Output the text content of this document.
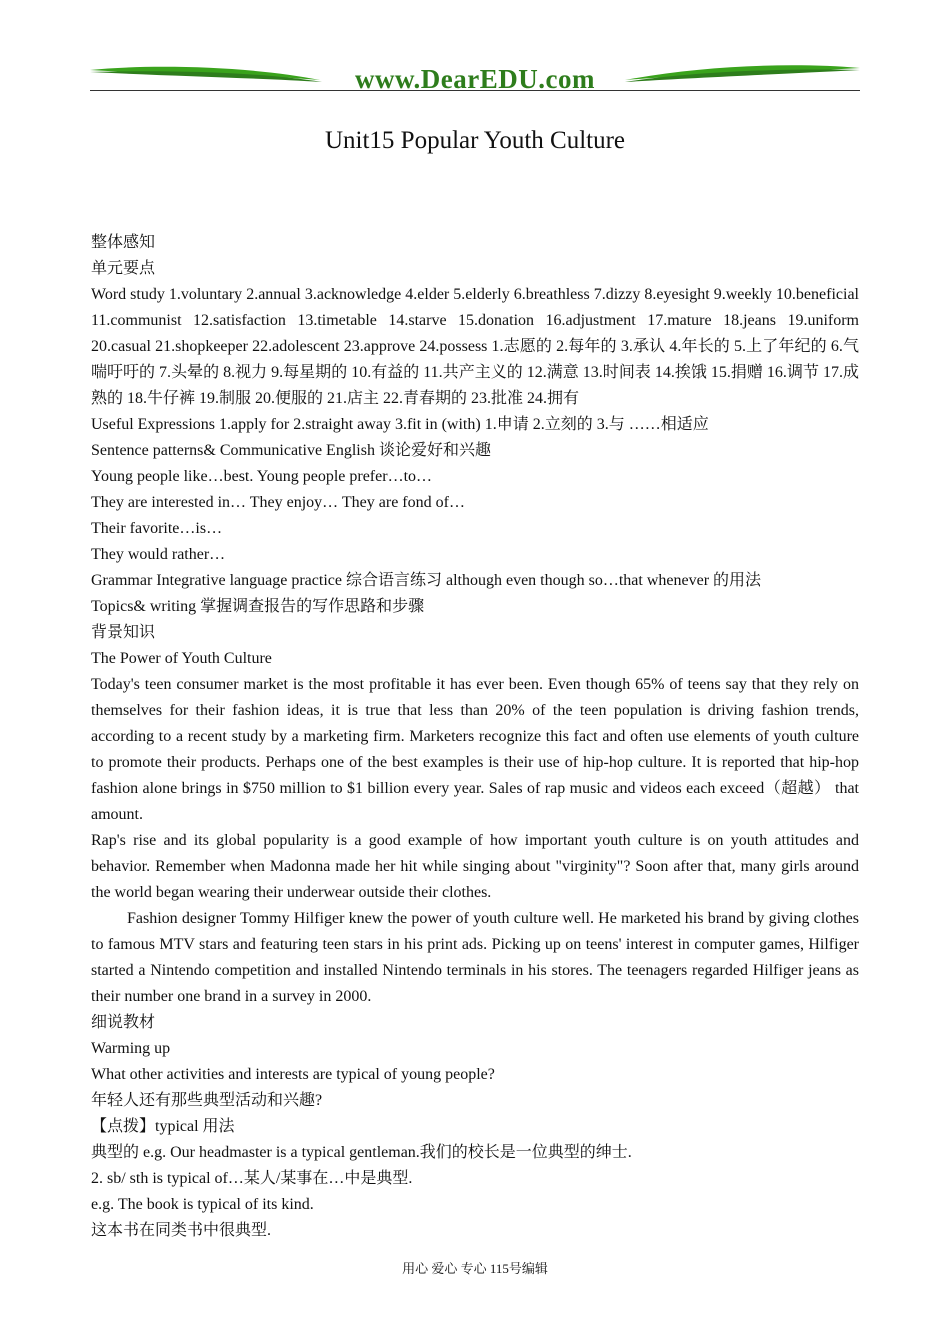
www.DearEDU.com
Unit15 Popular Youth Culture

整体感知

单元要点

Word study 1.voluntary 2.annual 3.acknowledge 4.elder 5.elderly 6.breathless 7.dizzy 8.eyesight 9.weekly 10.beneficial 11.communist 12.satisfaction 13.timetable 14.starve 15.donation 16.adjustment 17.mature 18.jeans 19.uniform 20.casual 21.shopkeeper 22.adolescent 23.approve 24.possess 1.志愿的 2.每年的 3.承认 4.年长的 5.上了年纪的 6.气喘吁吁的 7.头晕的 8.视力 9.每星期的 10.有益的 11.共产主义的 12.满意 13.时间表 14.挨饿 15.捐赠 16.调节 17.成熟的 18.牛仔裤 19.制服 20.便服的 21.店主 22.青春期的 23.批准 24.拥有

Useful Expressions 1.apply for 2.straight away 3.fit in (with) 1.申请 2.立刻的 3.与 ……相适应

Sentence patterns& Communicative English 谈论爱好和兴趣

Young people like…best. Young people prefer…to…

They are interested in… They enjoy… They are fond of…

Their favorite…is…

They would rather…

Grammar Integrative language practice 综合语言练习 although even though so…that whenever 的用法

Topics& writing 掌握调查报告的写作思路和步骤

背景知识

The Power of Youth Culture

Today's teen consumer market is the most profitable it has ever been. Even though 65% of teens say that they rely on themselves for their fashion ideas, it is true that less than 20% of the teen population is driving fashion trends, according to a recent study by a marketing firm. Marketers recognize this fact and often use elements of youth culture to promote their products. Perhaps one of the best examples is their use of hip-hop culture. It is reported that hip-hop fashion alone brings in $750 million to $1 billion every year. Sales of rap music and videos each exceed（超越） that amount.

Rap's rise and its global popularity is a good example of how important youth culture is on youth attitudes and behavior. Remember when Madonna made her hit while singing about "virginity"? Soon after that, many girls around the world began wearing their underwear outside their clothes.

Fashion designer Tommy Hilfiger knew the power of youth culture well. He marketed his brand by giving clothes to famous MTV stars and featuring teen stars in his print ads. Picking up on teens' interest in computer games, Hilfiger started a Nintendo competition and installed Nintendo terminals in his stores. The teenagers regarded Hilfiger jeans as their number one brand in a survey in 2000.

细说教材

Warming up

What other activities and interests are typical of young people?

年轻人还有那些典型活动和兴趣?

【点拨】typical 用法

典型的 e.g. Our headmaster is a typical gentleman.我们的校长是一位典型的绅士.

2. sb/ sth is typical of…某人/某事在…中是典型.

e.g. The book is typical of its kind.

这本书在同类书中很典型.

用心 爱心 专心 115号编辑
